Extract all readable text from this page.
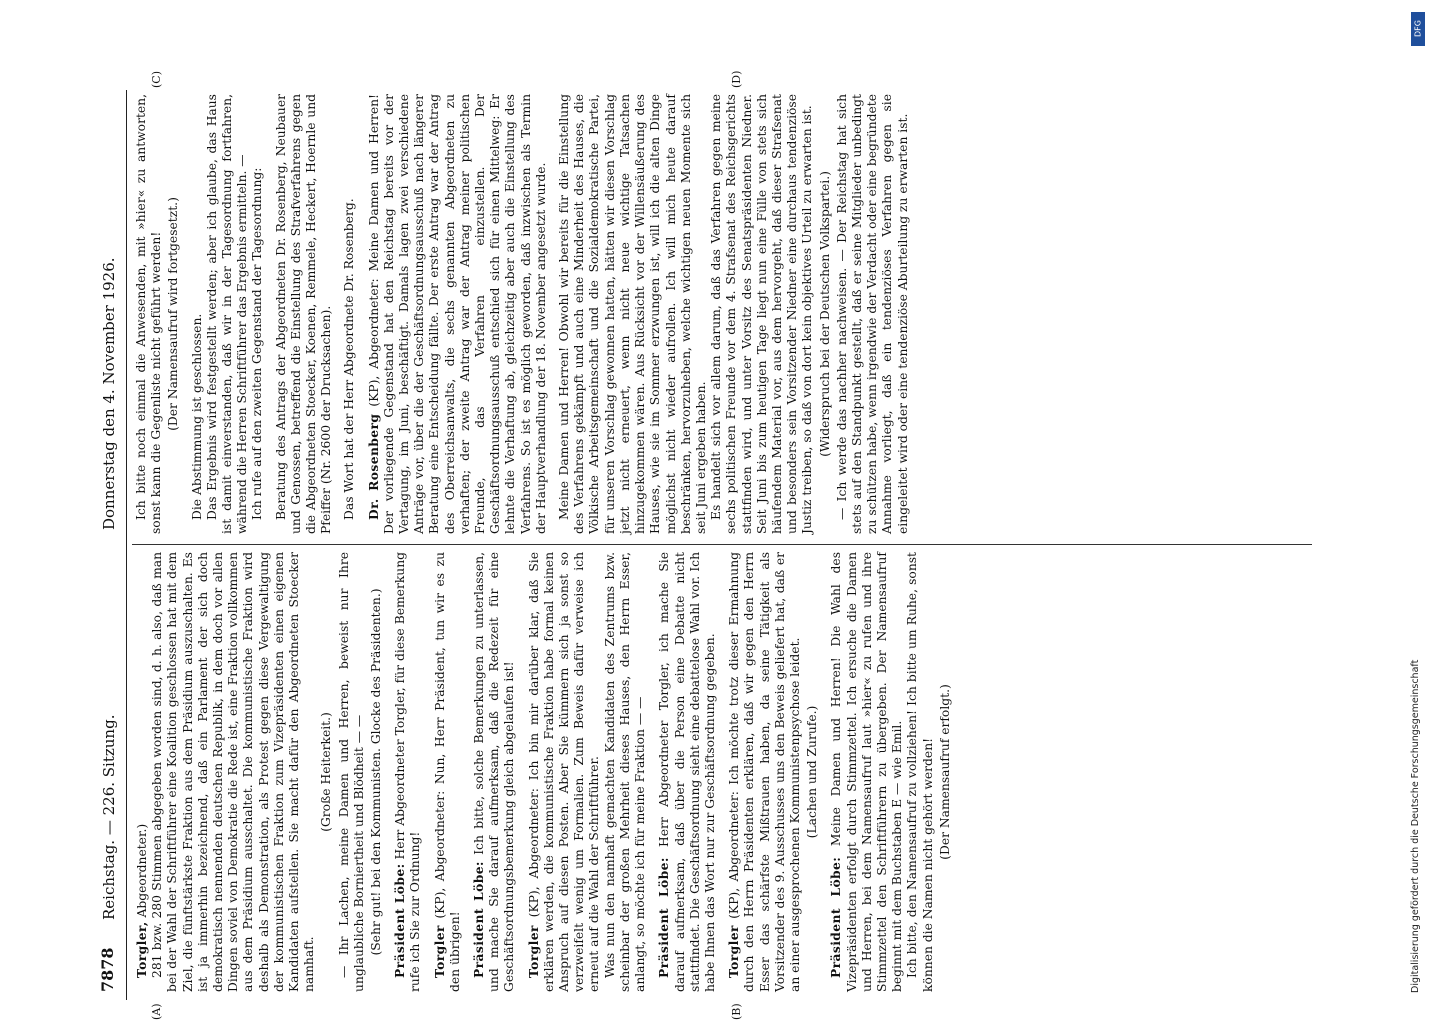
7878
Reichstag. — 226. Sitzung.
Donnerstag den 4. November 1926.
(A)	(B)
(C)	(D)

Torgler, Abgeordneter.) 281 bzw. 280 Stimmen abgegeben worden sind, d. h. also, daß man bei der Wahl der Schriftführer eine Koalition geschlossen hat mit dem Ziel, die fünftstärkste Fraktion aus dem Präsidium auszuschalten. Es ist ja immerhin bezeichnend, daß ein Parlament der sich doch demokratisch nennenden deutschen Republik, in dem doch vor allen Dingen soviel von Demokratie die Rede ist, eine Fraktion vollkommen aus dem Präsidium ausschaltet. Die kommunistische Fraktion wird deshalb als Demonstration, als Protest gegen diese Vergewaltigung der kommunistischen Fraktion zum Vizepräsidenten einen eigenen Kandidaten aufstellen. Sie macht dafür den Abgeordneten Stoecker namhaft.

(Große Heiterkeit.) — Ihr Lachen, meine Damen und Herren, beweist nur Ihre unglaubliche Borniertheit und Blödheit — — (Sehr gut! bei den Kommunisten. Glocke des Präsidenten.) Präsident Löbe: Herr Abgeordneter Torgler, für diese Bemerkung rufe ich Sie zur Ordnung! Torgler (KP), Abgeordneter: Nun, Herr Präsident, tun wir es zu den übrigen! Präsident Löbe: Ich bitte, solche Bemerkungen zu unterlassen, und mache Sie darauf aufmerksam, daß die Redezeit für eine Geschäftsordnungsbemerkung gleich abgelaufen ist! Torgler (KP), Abgeordneter: Ich bin mir darüber klar, daß Sie erklären werden, die kommunistische Fraktion habe formal keinen Anspruch auf diesen Posten. Aber Sie kümmern sich ja sonst so verzweifelt wenig um Formalien. Zum Beweis dafür verweise ich erneut auf die Wahl der Schriftführer. Was nun den namhaft gemachten Kandidaten des Zentrums bzw. scheinbar der großen Mehrheit dieses Hauses, den Herrn Esser, anlangt, so möchte ich für meine Fraktion — — Präsident Löbe: Herr Abgeordneter Torgler, ich mache Sie darauf aufmerksam, daß über die Person eine Debatte nicht stattfindet. Die Geschäftsordnung sieht eine debattelose Wahl vor. Ich habe Ihnen das Wort nur zur Geschäftsordnung gegeben. Torgler (KP), Abgeordneter: Ich möchte trotz dieser Ermahnung durch den Herrn Präsidenten erklären, daß wir gegen den Herrn Esser das schärfste Mißtrauen haben, da seine Tätigkeit als Vorsitzender des 9. Ausschusses uns den Beweis geliefert hat, daß er an einer ausgesprochenen Kommunistenpsychose leidet. (Lachen und Zurufe.)

Präsident Löbe: Meine Damen und Herren! Die Wahl des Vizepräsidenten erfolgt durch Stimmzettel. Ich ersuche die Damen und Herren, bei dem Namensaufruf laut »hier« zu rufen und ihre Stimmzettel den Schriftführern zu übergeben. Der Namensaufruf beginnt mit dem Buchstaben E — wie Emil. Ich bitte, den Namensaufruf zu vollziehen! Ich bitte um Ruhe, sonst können die Namen nicht gehört werden! (Der Namensaufruf erfolgt.)

Ich bitte noch einmal die Anwesenden, mit »hier« zu antworten, sonst kann die Gegenliste nicht geführt werden! (Der Namensaufruf wird fortgesetzt.) Die Abstimmung ist geschlossen. Das Ergebnis wird festgestellt werden; aber ich glaube, das Haus ist damit einverstanden, daß wir in der Tagesordnung fortfahren, während die Herren Schriftführer das Ergebnis ermitteln. — Ich rufe auf den zweiten Gegenstand der Tagesordnung: Beratung des Antrags der Abgeordneten Dr. Rosenberg, Neubauer und Genossen, betreffend die Einstellung des Strafverfahrens gegen die Abgeordneten Stoecker, Koenen, Remmele, Heckert, Hoernle und Pfeiffer (Nr. 2600 der Drucksachen). Das Wort hat der Herr Abgeordnete Dr. Rosenberg. Dr. Rosenberg (KP), Abgeordneter: Meine Damen und Herren! Der vorliegende Gegenstand hat den Reichstag bereits vor der Vertagung, im Juni, beschäftigt. Damals lagen zwei verschiedene Anträge vor, über die der Geschäftsordnungsausschuß nach längerer Beratung eine Entscheidung fällte. Der erste Antrag war der Antrag des Oberreichsanwalts, die sechs genannten Abgeordneten zu verhaften; der zweite Antrag war der Antrag meiner politischen Freunde, das Verfahren einzustellen. Der Geschäftsordnungsausschuß entschied sich für einen Mittelweg: Er lehnte die Verhaftung ab, gleichzeitig aber auch die Einstellung des Verfahrens. So ist es möglich geworden, daß inzwischen als Termin der Hauptverhandlung der 18. November angesetzt wurde. Meine Damen und Herren! Obwohl wir bereits für die Einstellung des Verfahrens gekämpft und auch eine Minderheit des Hauses, die Völkische Arbeitsgemeinschaft und die Sozialdemokratische Partei, für unseren Vorschlag gewonnen hatten, hätten wir diesen Vorschlag jetzt nicht erneuert, wenn nicht neue wichtige Tatsachen hinzugekommen wären. Aus Rücksicht vor der Willensäußerung des Hauses, wie sie im Sommer erzwungen ist, will ich die alten Dinge möglichst nicht wieder aufrollen. Ich will mich heute darauf beschränken, hervorzuheben, welche wichtigen neuen Momente sich seit Juni ergeben haben. Es handelt sich vor allem darum, daß das Verfahren gegen meine sechs politischen Freunde vor dem 4. Strafsenat des Reichsgerichts stattfinden wird, und unter Vorsitz des Senatspräsidenten Niedner. Seit Juni bis zum heutigen Tage liegt nun eine Fülle von stets sich häufendem Material vor, aus dem hervorgeht, daß dieser Strafsenat und besonders sein Vorsitzender Niedner eine durchaus tendenziöse Justiz treiben, so daß von dort kein objektives Urteil zu erwarten ist. (Widerspruch bei der Deutschen Volkspartei.) — Ich werde das nachher nachweisen. — Der Reichstag hat sich stets auf den Standpunkt gestellt, daß er seine Mitglieder unbedingt zu schützen habe, wenn irgendwie der Verdacht oder eine begründete Annahme vorliegt, daß ein tendenziöses Verfahren gegen sie eingeleitet wird oder eine tendenziöse Aburteilung zu erwarten ist.

DFG
Digitalisierung gefördert durch die Deutsche Forschungsgemeinschaft
